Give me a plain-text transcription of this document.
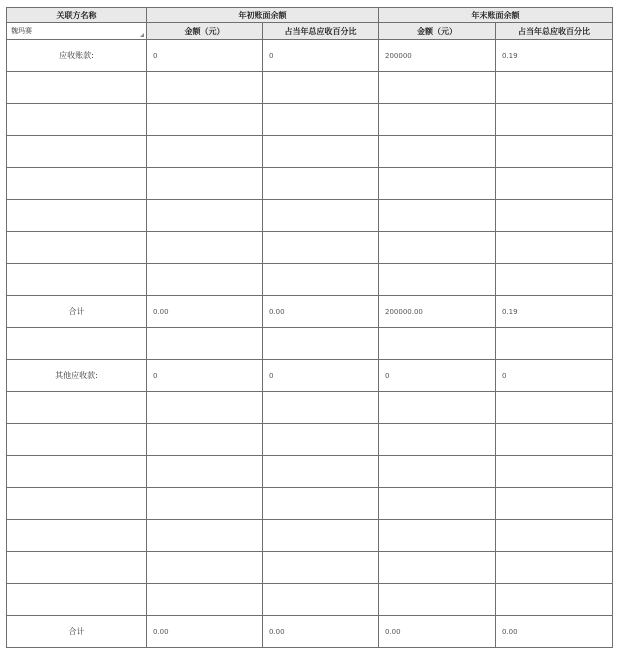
关联方名称	年初账面余额		年末账面余额	
魏玛赛	金额（元）	占当年总应收百分比	金额（元）	占当年总应收百分比
应收账款:	0	0	200000	0.19

合计	0.00	0.00	200000.00	0.19

其他应收款:	0	0	0	0

合计	0.00	0.00	0.00	0.00
